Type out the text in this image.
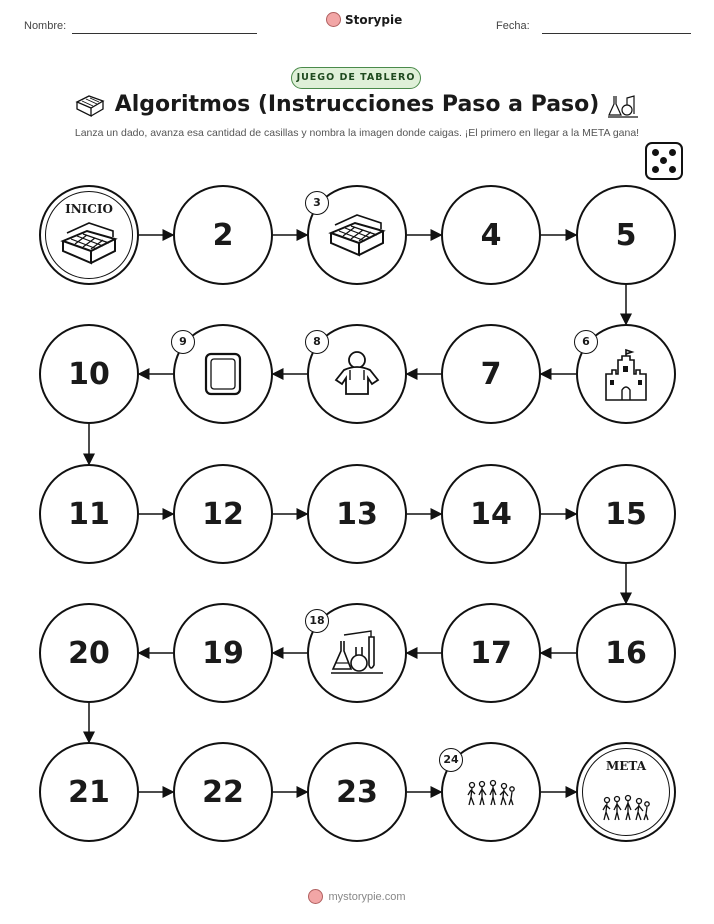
Nombre:	Storypie	Fecha:
JUEGO DE TABLERO
Algoritmos (Instrucciones Paso a Paso)
Lanza un dado, avanza esa cantidad de casillas y nombra la imagen donde caigas. ¡El primero en llegar a la META gana!
INICIO
2
3
4	5
6
7
8
9
10
11	12	13	14	15
16
17
18
19
20
21	22	23
24	META
mystorypie.com
